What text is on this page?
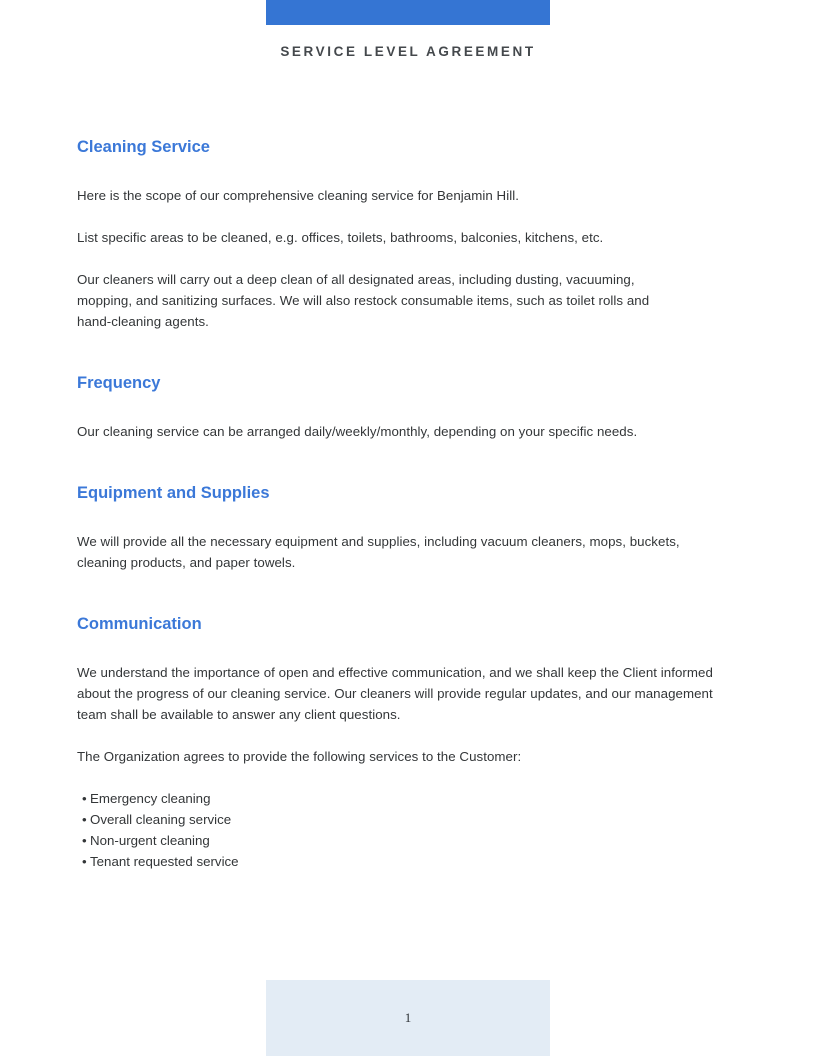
SERVICE LEVEL AGREEMENT
Cleaning Service

Here is the scope of our comprehensive cleaning service for Benjamin Hill.

List specific areas to be cleaned, e.g. offices, toilets, bathrooms, balconies, kitchens, etc.

Our cleaners will carry out a deep clean of all designated areas, including dusting, vacuuming, mopping, and sanitizing surfaces. We will also restock consumable items, such as toilet rolls and hand-cleaning agents.

Frequency

Our cleaning service can be arranged daily/weekly/monthly, depending on your specific needs.

Equipment and Supplies

We will provide all the necessary equipment and supplies, including vacuum cleaners, mops, buckets, cleaning products, and paper towels.

Communication

We understand the importance of open and effective communication, and we shall keep the Client informed about the progress of our cleaning service. Our cleaners will provide regular updates, and our management team shall be available to answer any client questions.

The Organization agrees to provide the following services to the Customer:

• Emergency cleaning
• Overall cleaning service
• Non-urgent cleaning
• Tenant requested service
1
